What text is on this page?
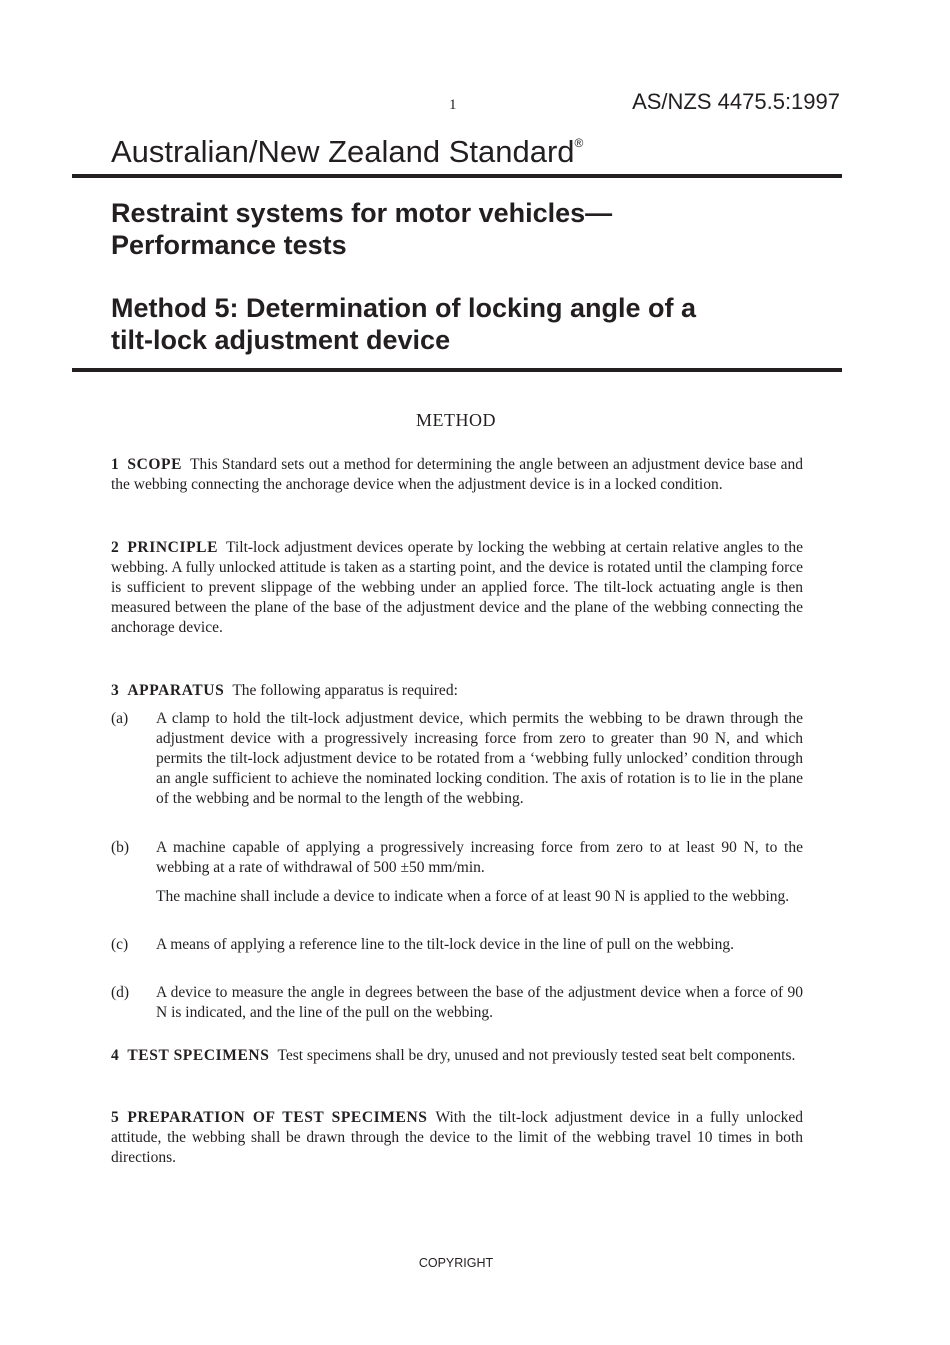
1	AS/NZS 4475.5:1997
Australian/New Zealand Standard®
Restraint systems for motor vehicles—
Performance tests
Method 5: Determination of locking angle of a
tilt-lock adjustment device
METHOD

1 SCOPE This Standard sets out a method for determining the angle between an adjustment device base and the webbing connecting the anchorage device when the adjustment device is in a locked condition.

2 PRINCIPLE Tilt-lock adjustment devices operate by locking the webbing at certain relative angles to the webbing. A fully unlocked attitude is taken as a starting point, and the device is rotated until the clamping force is sufficient to prevent slippage of the webbing under an applied force. The tilt-lock actuating angle is then measured between the plane of the base of the adjustment device and the plane of the webbing connecting the anchorage device.

3 APPARATUS The following apparatus is required:

(a) A clamp to hold the tilt-lock adjustment device, which permits the webbing to be drawn through the adjustment device with a progressively increasing force from zero to greater than 90 N, and which permits the tilt-lock adjustment device to be rotated from a ‘webbing fully unlocked’ condition through an angle sufficient to achieve the nominated locking condition. The axis of rotation is to lie in the plane of the webbing and be normal to the length of the webbing.

(b) A machine capable of applying a progressively increasing force from zero to at least 90 N, to the webbing at a rate of withdrawal of 500 ±50 mm/min.

The machine shall include a device to indicate when a force of at least 90 N is applied to the webbing.

(c) A means of applying a reference line to the tilt-lock device in the line of pull on the webbing.

(d) A device to measure the angle in degrees between the base of the adjustment device when a force of 90 N is indicated, and the line of the pull on the webbing.

4 TEST SPECIMENS Test specimens shall be dry, unused and not previously tested seat belt components.

5 PREPARATION OF TEST SPECIMENS With the tilt-lock adjustment device in a fully unlocked attitude, the webbing shall be drawn through the device to the limit of the webbing travel 10 times in both directions.

COPYRIGHT
